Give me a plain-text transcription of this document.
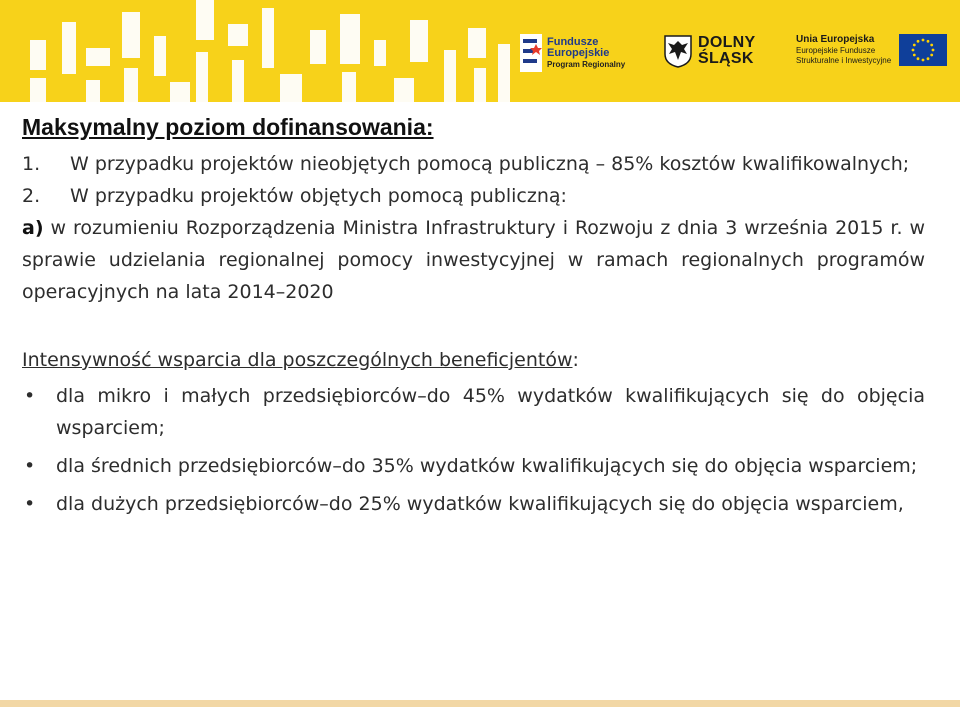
Fundusze
Europejskie
Program Regionalny
DOLNY
ŚLĄSK
Unia Europejska
Europejskie Fundusze
Strukturalne i Inwestycyjne
Maksymalny poziom dofinansowania:
1.	W przypadku projektów nieobjętych pomocą publiczną – 85% kosztów kwalifikowalnych;
2.	W przypadku projektów objętych pomocą publiczną:

a) w rozumieniu Rozporządzenia Ministra Infrastruktury i Rozwoju z dnia 3 września 2015 r. w sprawie udzielania regionalnej pomocy inwestycyjnej w ramach regionalnych programów operacyjnych na lata 2014–2020

Intensywność wsparcia dla poszczególnych beneficjentów:

•	dla mikro i małych przedsiębiorców–do 45% wydatków kwalifikujących się do objęcia wsparciem;
•	dla średnich przedsiębiorców–do 35% wydatków kwalifikujących się do objęcia wsparciem;
•	dla dużych przedsiębiorców–do 25% wydatków kwalifikujących się do objęcia wsparciem,
